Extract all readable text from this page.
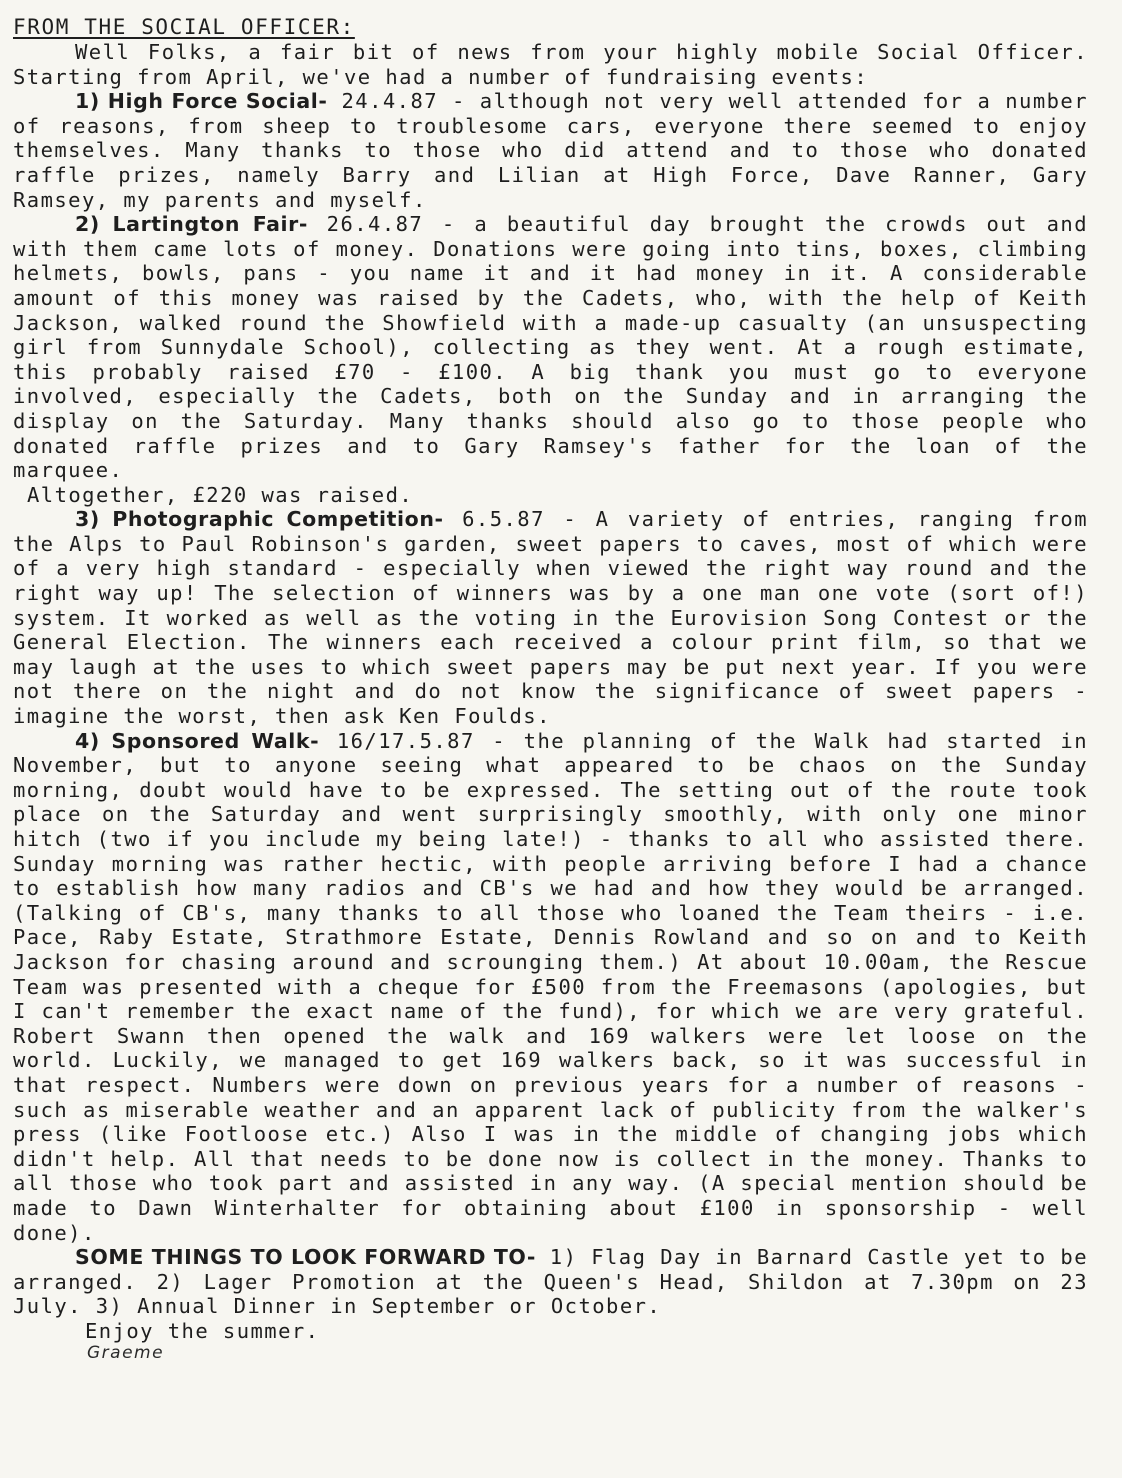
FROM THE SOCIAL OFFICER:

Well Folks, a fair bit of news from your highly mobile Social Officer. Starting from April, we've had a number of fundraising events:

1) High Force Social- 24.4.87 - although not very well attended for a number of reasons, from sheep to troublesome cars, everyone there seemed to enjoy themselves. Many thanks to those who did attend and to those who donated raffle prizes, namely Barry and Lilian at High Force, Dave Ranner, Gary Ramsey, my parents and myself.

2) Lartington Fair- 26.4.87 - a beautiful day brought the crowds out and with them came lots of money. Donations were going into tins, boxes, climbing helmets, bowls, pans - you name it and it had money in it. A considerable amount of this money was raised by the Cadets, who, with the help of Keith Jackson, walked round the Showfield with a made-up casualty (an unsuspecting girl from Sunnydale School), collecting as they went. At a rough estimate, this probably raised £70 - £100. A big thank you must go to everyone involved, especially the Cadets, both on the Sunday and in arranging the display on the Saturday. Many thanks should also go to those people who donated raffle prizes and to Gary Ramsey's father for the loan of the marquee.

Altogether, £220 was raised.

3) Photographic Competition- 6.5.87 - A variety of entries, ranging from the Alps to Paul Robinson's garden, sweet papers to caves, most of which were of a very high standard - especially when viewed the right way round and the right way up! The selection of winners was by a one man one vote (sort of!) system. It worked as well as the voting in the Eurovision Song Contest or the General Election. The winners each received a colour print film, so that we may laugh at the uses to which sweet papers may be put next year. If you were not there on the night and do not know the significance of sweet papers - imagine the worst, then ask Ken Foulds.

4) Sponsored Walk- 16/17.5.87 - the planning of the Walk had started in November, but to anyone seeing what appeared to be chaos on the Sunday morning, doubt would have to be expressed. The setting out of the route took place on the Saturday and went surprisingly smoothly, with only one minor hitch (two if you include my being late!) - thanks to all who assisted there. Sunday morning was rather hectic, with people arriving before I had a chance to establish how many radios and CB's we had and how they would be arranged. (Talking of CB's, many thanks to all those who loaned the Team theirs - i.e. Pace, Raby Estate, Strathmore Estate, Dennis Rowland and so on and to Keith Jackson for chasing around and scrounging them.) At about 10.00am, the Rescue Team was presented with a cheque for £500 from the Freemasons (apologies, but I can't remember the exact name of the fund), for which we are very grateful. Robert Swann then opened the walk and 169 walkers were let loose on the world. Luckily, we managed to get 169 walkers back, so it was successful in that respect. Numbers were down on previous years for a number of reasons - such as miserable weather and an apparent lack of publicity from the walker's press (like Footloose etc.) Also I was in the middle of changing jobs which didn't help. All that needs to be done now is collect in the money. Thanks to all those who took part and assisted in any way. (A special mention should be made to Dawn Winterhalter for obtaining about £100 in sponsorship - well done).

SOME THINGS TO LOOK FORWARD TO- 1) Flag Day in Barnard Castle yet to be arranged. 2) Lager Promotion at the Queen's Head, Shildon at 7.30pm on 23 July. 3) Annual Dinner in September or October.

Enjoy the summer.

Graeme
